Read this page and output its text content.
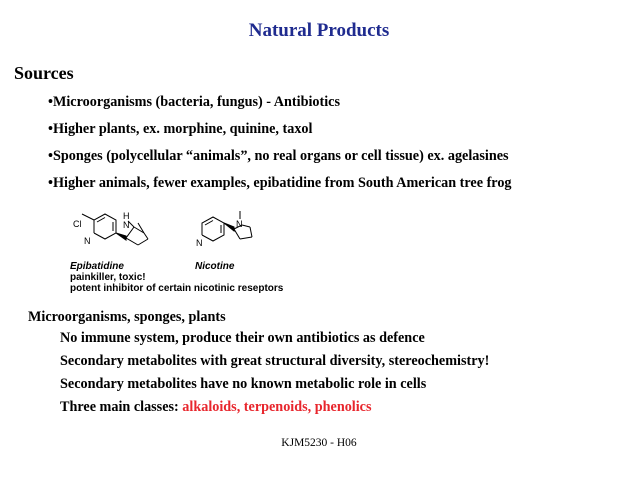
Natural Products
Sources
•Microorganisms (bacteria, fungus) - Antibiotics
•Higher plants, ex. morphine, quinine, taxol
•Sponges (polycellular “animals”, no real organs or cell tissue) ex. agelasines
•Higher animals, fewer examples, epibatidine from South American tree frog
Cl
N
H
N
N
N
Epibatidine	Nicotine
painkiller, toxic!
potent inhibitor of certain nicotinic reseptors
Microorganisms, sponges, plants
No immune system, produce their own antibiotics as defence
Secondary metabolites with great structural diversity, stereochemistry!
Secondary metabolites have no known metabolic role in cells
Three main classes: alkaloids, terpenoids, phenolics
KJM5230 - H06
